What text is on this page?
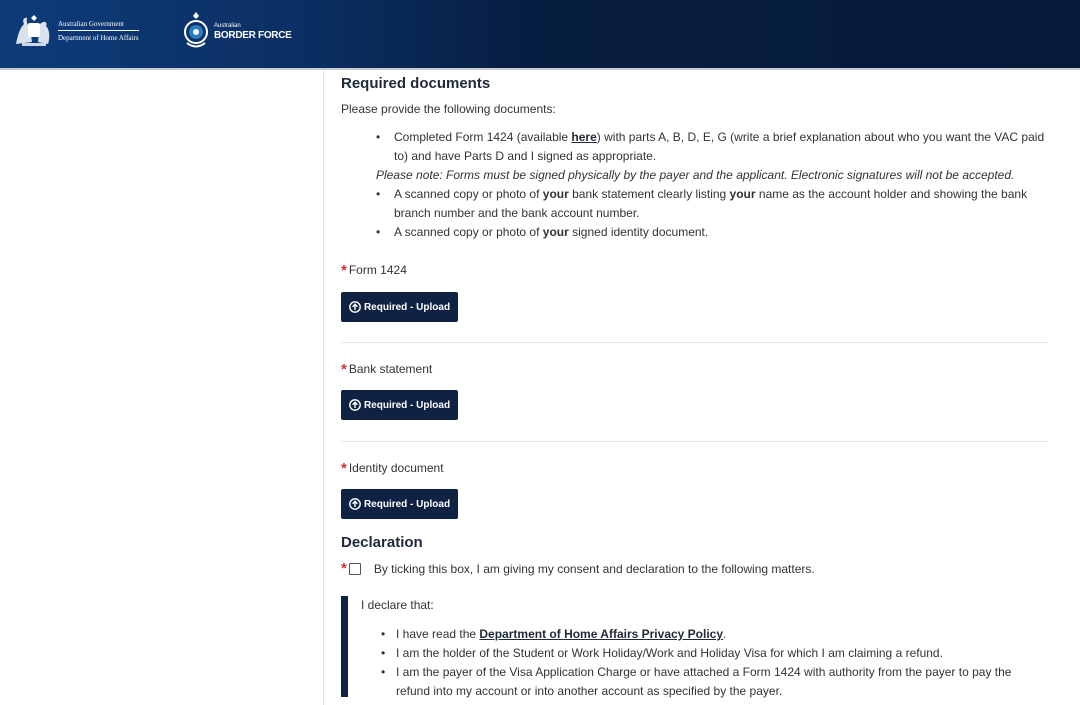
Australian Government
Department of Home Affairs
Australian
BORDER FORCE
Required documents
Please provide the following documents:
•	Completed Form 1424 (available here) with parts A, B, D, E, G (write a brief explanation about who you want the VAC paid to) and have Parts D and I signed as appropriate.
Please note: Forms must be signed physically by the payer and the applicant. Electronic signatures will not be accepted.
•	A scanned copy or photo of your bank statement clearly listing your name as the account holder and showing the bank branch number and the bank account number.
•	A scanned copy or photo of your signed identity document.
* Form 1424
Required - Upload
* Bank statement
Required - Upload
* Identity document
Required - Upload
Declaration
* By ticking this box, I am giving my consent and declaration to the following matters.
I declare that:
• I have read the Department of Home Affairs Privacy Policy.
• I am the holder of the Student or Work Holiday/Work and Holiday Visa for which I am claiming a refund.
• I am the payer of the Visa Application Charge or have attached a Form 1424 with authority from the payer to pay the refund into my account or into another account as specified by the payer.
